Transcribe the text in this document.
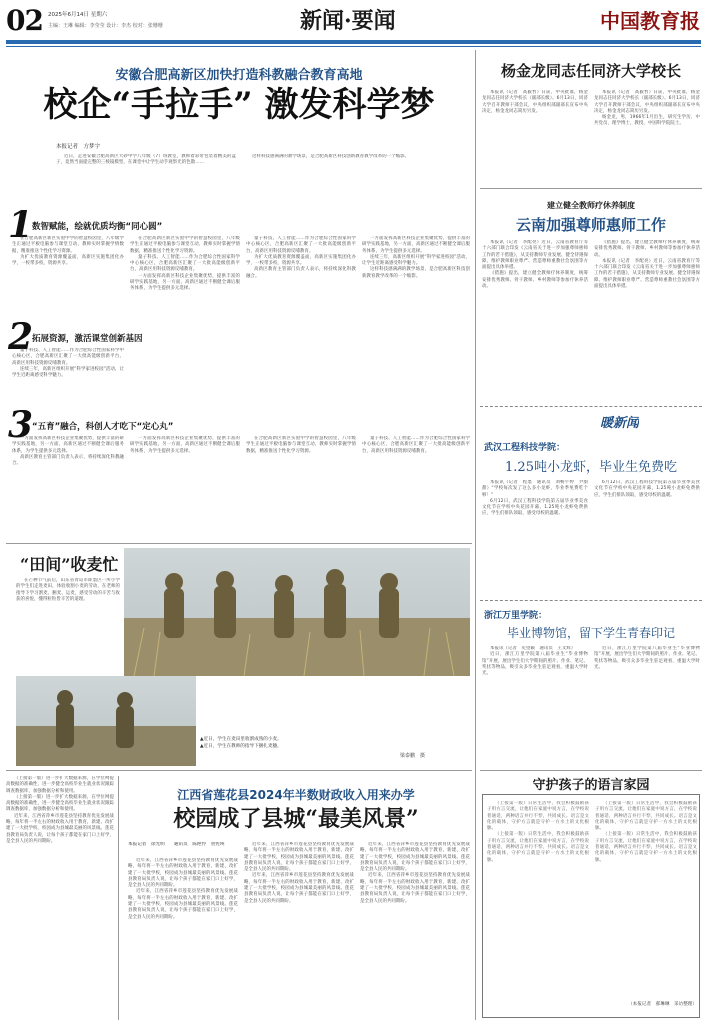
02 2025年6月14日 星期六
主编：王琳 编辑：李莹莹 设计：李杰 校对：张珊珊	新闻·要闻	中国教育报
安徽合肥高新区加快打造科教融合教育高地
校企“手拉手” 激发科学梦
本报记者　方梦宇

近日，走进安徽合肥高新区大砂中学八年级（7）班教室，教师着彩带包装着精美的盒子，竟然当面提完整的三棱镜模型，在课堂中让学生动手观察光的色散……

这样科技感满满的教学场景，是合肥高新区科技创新教育教学改革的一个缩影。

1
数智赋能，绘就优质均衡“同心圆”

在合肥高新区新区实验中学的智慧校园里，八年级学生正通过平板电脑参与课堂互动，教师实时掌握学情数据，精准推送个性化学习资源。

为扩大优质教育资源覆盖面，高新区实施集团化办学，一校带多校，资源共享。

2
拓展资源，激活课堂创新基因

量子科技、人工智能……作为合肥综合性国家科学中心核心区，合肥高新区汇聚了一大批高能级创新平台，高新区用科技资源反哺教育。

连续三年，高新区组织开展“科学家进校园”活动，让学生近距离感受科学魅力。

3
“五育”融合，科创人才吃下“定心丸”

一方面发挥高新区科技企业集聚优势，提供丰富的研学实践基地，另一方面，高新区通过不断健全课后服务体系，为学生提供多元选择。

高新区教育主管部门负责人表示，将持续深化科教融合。

在合肥高新区新区实验中学的智慧校园里，八年级学生正通过平板电脑参与课堂互动，教师实时掌握学情数据，精准推送个性化学习资源。

量子科技、人工智能……作为合肥综合性国家科学中心核心区，合肥高新区汇聚了一大批高能级创新平台，高新区用科技资源反哺教育。

一方面发挥高新区科技企业集聚优势，提供丰富的研学实践基地，另一方面，高新区通过不断健全课后服务体系，为学生提供多元选择。

量子科技、人工智能……作为合肥综合性国家科学中心核心区，合肥高新区汇聚了一大批高能级创新平台，高新区用科技资源反哺教育。

为扩大优质教育资源覆盖面，高新区实施集团化办学，一校带多校，资源共享。

高新区教育主管部门负责人表示，将持续深化科教融合。

一方面发挥高新区科技企业集聚优势，提供丰富的研学实践基地，另一方面，高新区通过不断健全课后服务体系，为学生提供多元选择。

连续三年，高新区组织开展“科学家进校园”活动，让学生近距离感受科学魅力。

这样科技感满满的教学场景，是合肥高新区科技创新教育教学改革的一个缩影。

一方面发挥高新区科技企业集聚优势，提供丰富的研学实践基地，另一方面，高新区通过不断健全课后服务体系，为学生提供多元选择。

在合肥高新区新区实验中学的智慧校园里，八年级学生正通过平板电脑参与课堂互动，教师实时掌握学情数据，精准推送个性化学习资源。

量子科技、人工智能……作为合肥综合性国家科学中心核心区，合肥高新区汇聚了一大批高能级创新平台，高新区用科技资源反哺教育。

“田间”收麦忙

在芒种节气前后，山东省青岛市即墨区一所小学的学生们走进麦田，体验收割小麦的劳动，在老师的指导下学习割麦、捆麦、运麦，感受劳动的辛苦与收获的喜悦，懂得粒粒皆辛苦的道理。

▲近日，学生在麦田里收割成熟的小麦。
▲近日，学生在教师的指导下捆扎麦穗。
梁泰鹏　摄

（上接第一版）进一步扩大数据来源，在学位网提高数据的准确性，进一步健全高校毕业生就业状况跟踪调查数据库，加强数据分析和使用。

（上接第一版）进一步扩大数据来源，在学位网提高数据的准确性，进一步健全高校毕业生就业状况跟踪调查数据库，加强数据分析和使用。

近年来，江西省萍乡市莲花县坚持教育优先发展战略，每年将一半左右的财政收入用于教育，新建、改扩建了一大批学校，校园成为县城最美丽的风景线。莲花县教育局负责人说，让每个孩子都能在家门口上好学，是全县人民的共同期盼。

江西省莲花县2024年半数财政收入用来办学
校园成了县城“最美风景”
本报记者　徐光明　　通讯员　陈艳怜　曾宪瑛

近年来，江西省萍乡市莲花县坚持教育优先发展战略，每年将一半左右的财政收入用于教育，新建、改扩建了一大批学校，校园成为县城最美丽的风景线。莲花县教育局负责人说，让每个孩子都能在家门口上好学，是全县人民的共同期盼。

近年来，江西省萍乡市莲花县坚持教育优先发展战略，每年将一半左右的财政收入用于教育，新建、改扩建了一大批学校，校园成为县城最美丽的风景线。莲花县教育局负责人说，让每个孩子都能在家门口上好学，是全县人民的共同期盼。

近年来，江西省萍乡市莲花县坚持教育优先发展战略，每年将一半左右的财政收入用于教育，新建、改扩建了一大批学校，校园成为县城最美丽的风景线。莲花县教育局负责人说，让每个孩子都能在家门口上好学，是全县人民的共同期盼。

近年来，江西省萍乡市莲花县坚持教育优先发展战略，每年将一半左右的财政收入用于教育，新建、改扩建了一大批学校，校园成为县城最美丽的风景线。莲花县教育局负责人说，让每个孩子都能在家门口上好学，是全县人民的共同期盼。

近年来，江西省萍乡市莲花县坚持教育优先发展战略，每年将一半左右的财政收入用于教育，新建、改扩建了一大批学校，校园成为县城最美丽的风景线。莲花县教育局负责人说，让每个孩子都能在家门口上好学，是全县人民的共同期盼。

近年来，江西省萍乡市莲花县坚持教育优先发展战略，每年将一半左右的财政收入用于教育，新建、改扩建了一大批学校，校园成为县城最美丽的风景线。莲花县教育局负责人说，让每个孩子都能在家门口上好学，是全县人民的共同期盼。

杨金龙同志任同济大学校长

本报讯（记者　高毅哲）日前，中央批准，杨金龙同志任同济大学校长（副部长级）。6月13日，同济大学召开教师干部会议，中央组织部副部长宣布中央决定，杨金龙同志简历另发。

本报讯（记者　高毅哲）日前，中央批准，杨金龙同志任同济大学校长（副部长级）。6月13日，同济大学召开教师干部会议，中央组织部副部长宣布中央决定，杨金龙同志简历另发。

杨金龙，男，1966年1月出生，研究生学历，中共党员，理学博士，教授，中国科学院院士。

建立健全教师疗休养制度
云南加强尊师惠师工作

本报讯（记者　李配亮）近日，云南省教育厅等十六部门联合印发《云南省关于进一步加强尊师惠师工作的若干措施》，从支持教师专业发展、健全待遇保障、维护教师职业尊严、营造尊师重教社会氛围等方面提出具体举措。

《措施》提出，建立健全教师疗休养制度，统筹安排优秀教师、骨干教师、乡村教师等参加疗休养活动。

《措施》提出，建立健全教师疗休养制度，统筹安排优秀教师、骨干教师、乡村教师等参加疗休养活动。

本报讯（记者　李配亮）近日，云南省教育厅等十六部门联合印发《云南省关于进一步加强尊师惠师工作的若干措施》，从支持教师专业发展、健全待遇保障、维护教师职业尊严、营造尊师重教社会氛围等方面提出具体举措。

暖新闻
武汉工程科技学院：
1.25吨小龙虾，毕业生免费吃

本报讯（记者　程墨　通讯员　刘畅宇婷　尹甜甜）“学校每次发了这么多小龙虾，毕业季免费吃个够！”

6月12日，武汉工程科技学院第五届毕业季美食文化节在学校中央花园开幕，1.25吨小龙虾免费供应，学生们排队领取，感受母校的温暖。

6月12日，武汉工程科技学院第五届毕业季美食文化节在学校中央花园开幕，1.25吨小龙虾免费供应，学生们排队领取，感受母校的温暖。

浙江万里学院：
毕业博物馆，留下学生青春印记

本报讯（记者　史望颖　通讯员　王文辉）

近日，浙江万里学院第八届毕业生“毕业博物馆”开展，展出学生们大学期间的照片、作业、笔记、奖状等物品，吸引众多毕业生驻足观看，重温大学时光。

近日，浙江万里学院第八届毕业生“毕业博物馆”开展，展出学生们大学期间的照片、作业、笔记、奖状等物品，吸引众多毕业生驻足观看，重温大学时光。

守护孩子的语言家园

（上接第一版）日常生活中，我会积极鼓励孩子用方言交流，让他们在家庭中说方言，在学校说普通话，两种语言并行不悖，共同成长。语言是文化的载体，守护方言就是守护一方水土的文化根脉。

（上接第一版）日常生活中，我会积极鼓励孩子用方言交流，让他们在家庭中说方言，在学校说普通话，两种语言并行不悖，共同成长。语言是文化的载体，守护方言就是守护一方水土的文化根脉。

（上接第一版）日常生活中，我会积极鼓励孩子用方言交流，让他们在家庭中说方言，在学校说普通话，两种语言并行不悖，共同成长。语言是文化的载体，守护方言就是守护一方水土的文化根脉。

（上接第一版）日常生活中，我会积极鼓励孩子用方言交流，让他们在家庭中说方言，在学校说普通话，两种语言并行不悖，共同成长。语言是文化的载体，守护方言就是守护一方水土的文化根脉。

（本报记者　郝琳琳　采访整理）
